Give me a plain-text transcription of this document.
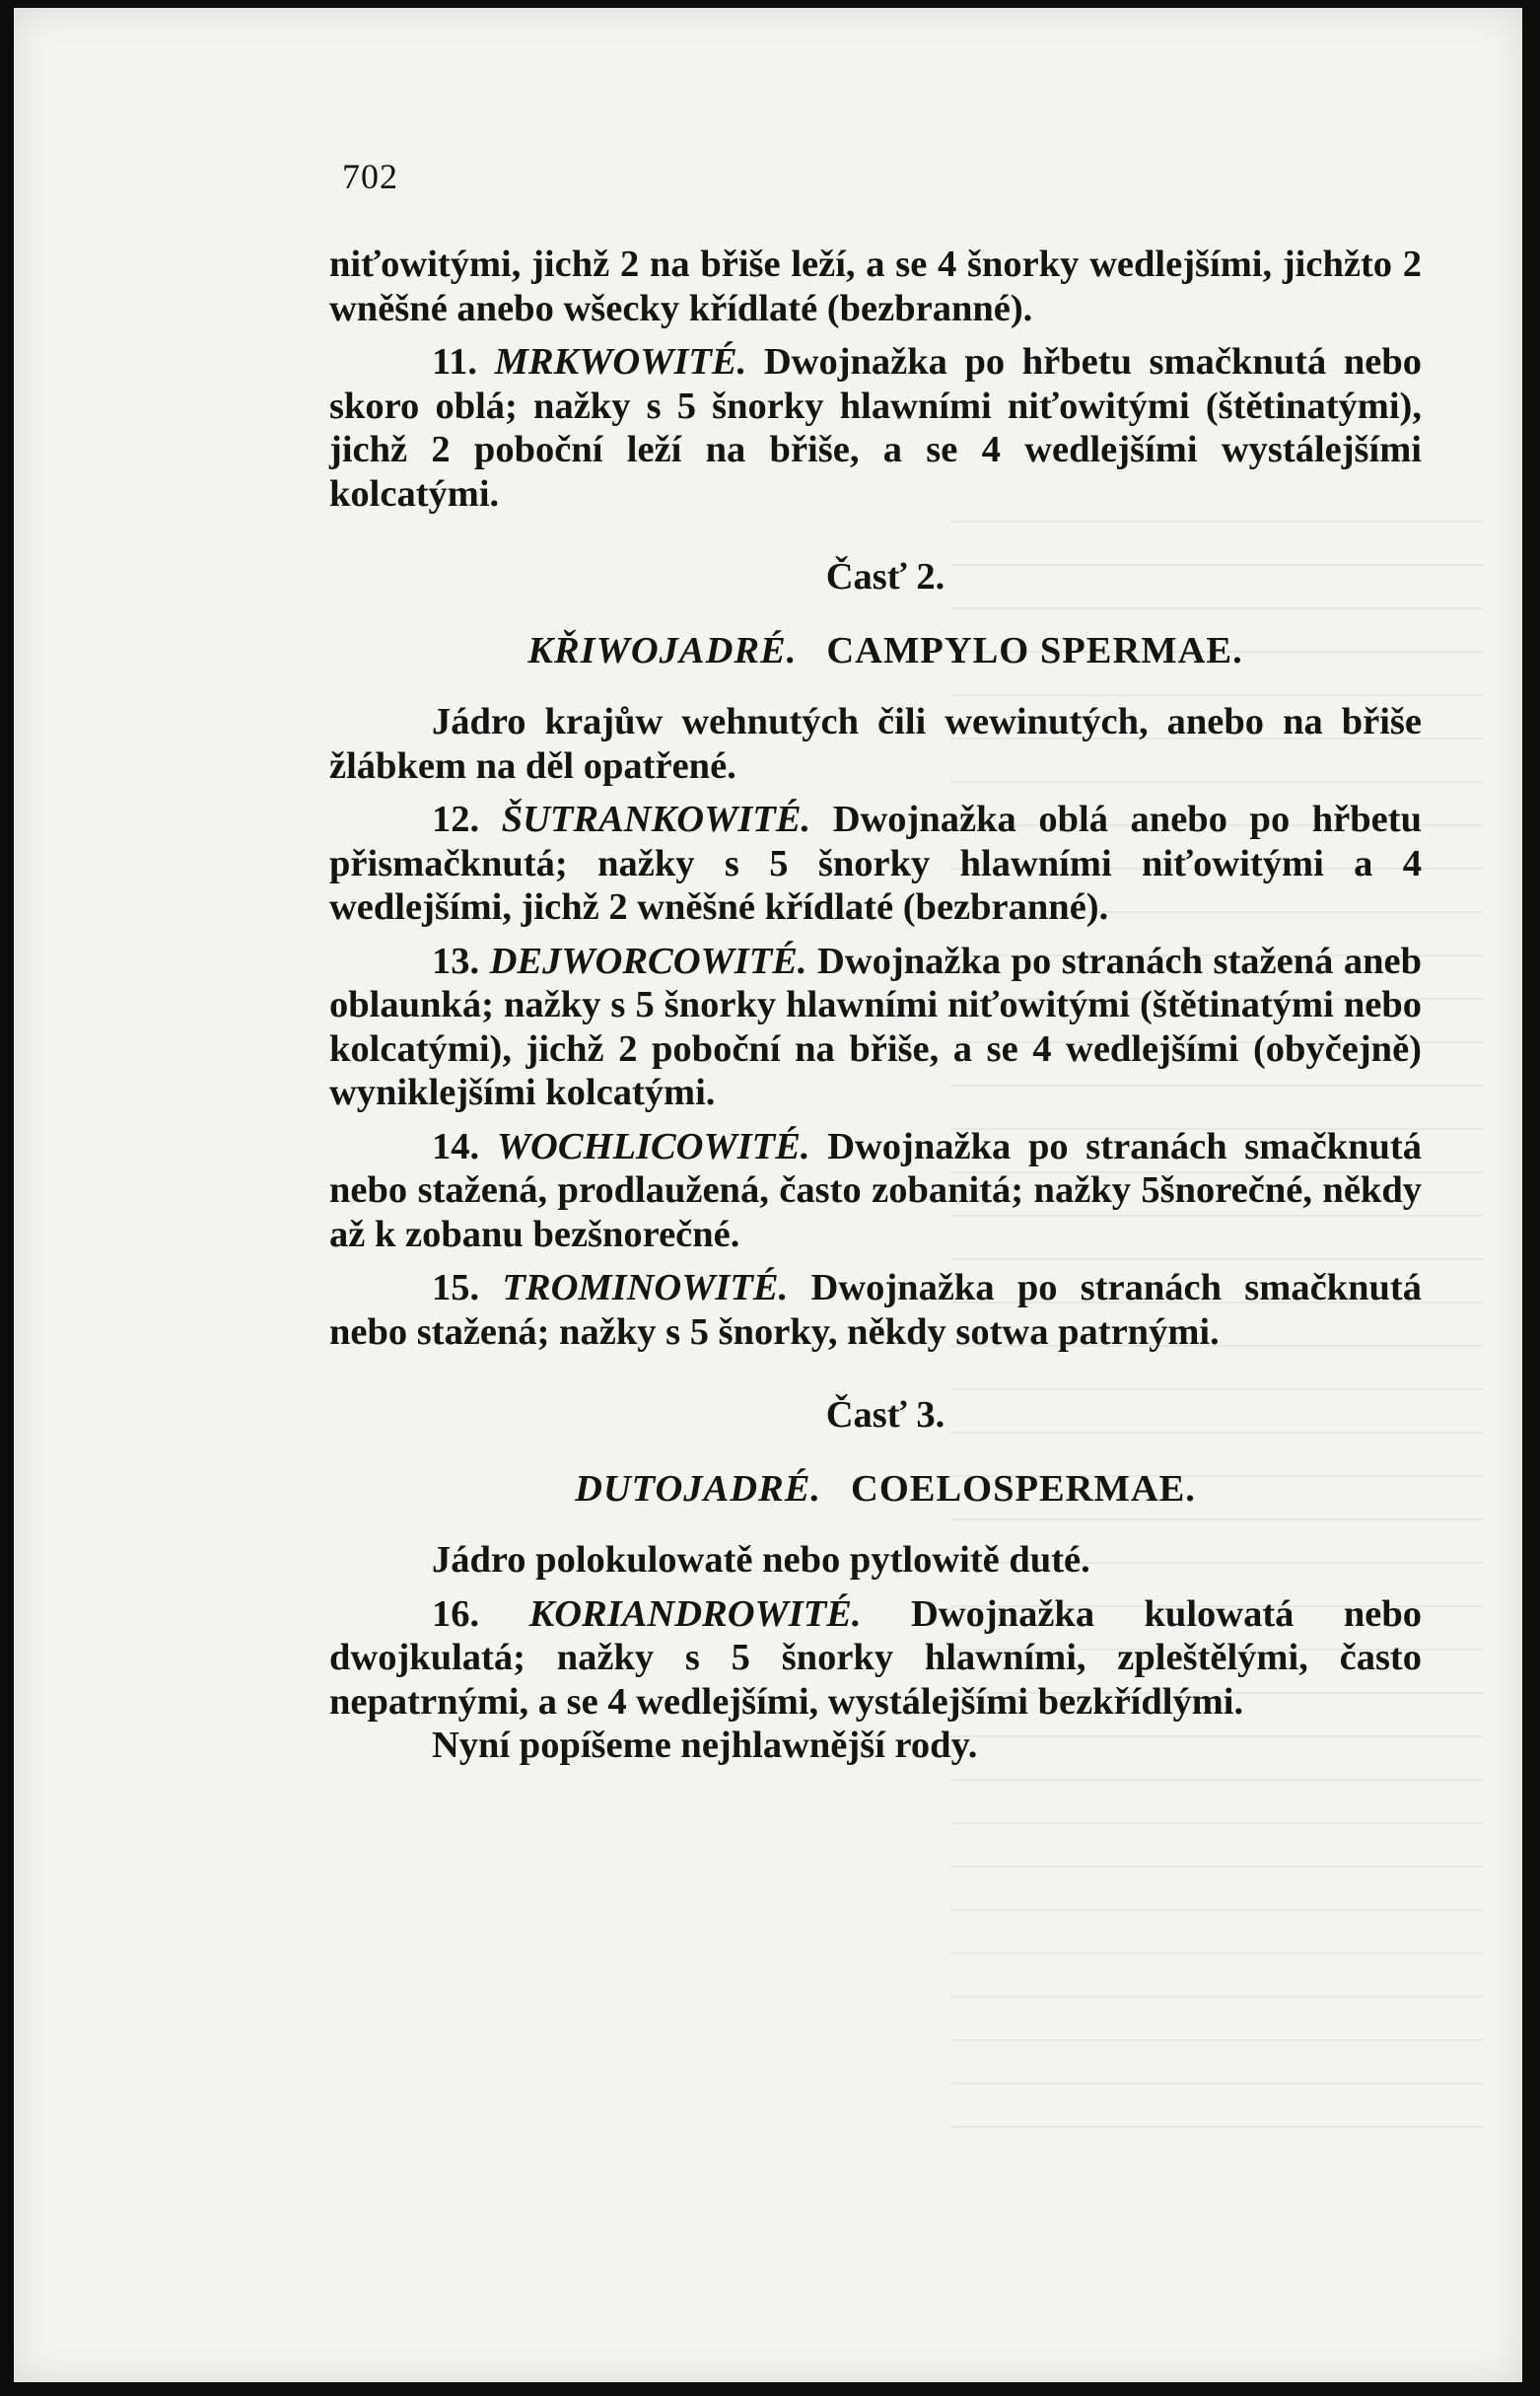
702

niťowitými, jichž 2 na břiše leží, a se 4 šnorky wedlejšími, jichžto 2 wněšné anebo wšecky křídlaté (bezbranné).

11. MRKWOWITÉ. Dwojnažka po hřbetu smačknutá nebo skoro oblá; nažky s 5 šnorky hlawními niťowitými (štětinatými), jichž 2 poboční leží na břiše, a se 4 wedlejšími wystálejšími kolcatými.

Časť 2.

KŘIWOJADRÉ. CAMPYLO SPERMAE.

Jádro krajůw wehnutých čili wewinutých, anebo na břiše žlábkem na děl opatřené.

12. ŠUTRANKOWITÉ. Dwojnažka oblá anebo po hřbetu přismačknutá; nažky s 5 šnorky hlawními niťowitými a 4 wedlejšími, jichž 2 wněšné křídlaté (bezbranné).

13. DEJWORCOWITÉ. Dwojnažka po stranách stažená aneb oblaunká; nažky s 5 šnorky hlawními niťowitými (štětinatými nebo kolcatými), jichž 2 poboční na břiše, a se 4 wedlejšími (obyčejně) wyniklejšími kolcatými.

14. WOCHLICOWITÉ. Dwojnažka po stranách smačknutá nebo stažená, prodlaužená, často zobanitá; nažky 5šnorečné, někdy až k zobanu bezšnorečné.

15. TROMINOWITÉ. Dwojnažka po stranách smačknutá nebo stažená; nažky s 5 šnorky, někdy sotwa patrnými.

Časť 3.

DUTOJADRÉ. COELOSPERMAE.

Jádro polokulowatě nebo pytlowitě duté.

16. KORIANDROWITÉ. Dwojnažka kulowatá nebo dwojkulatá; nažky s 5 šnorky hlawními, zpleštělými, často nepatrnými, a se 4 wedlejšími, wystálejšími bezkřídlými.

Nyní popíšeme nejhlawnější rody.
